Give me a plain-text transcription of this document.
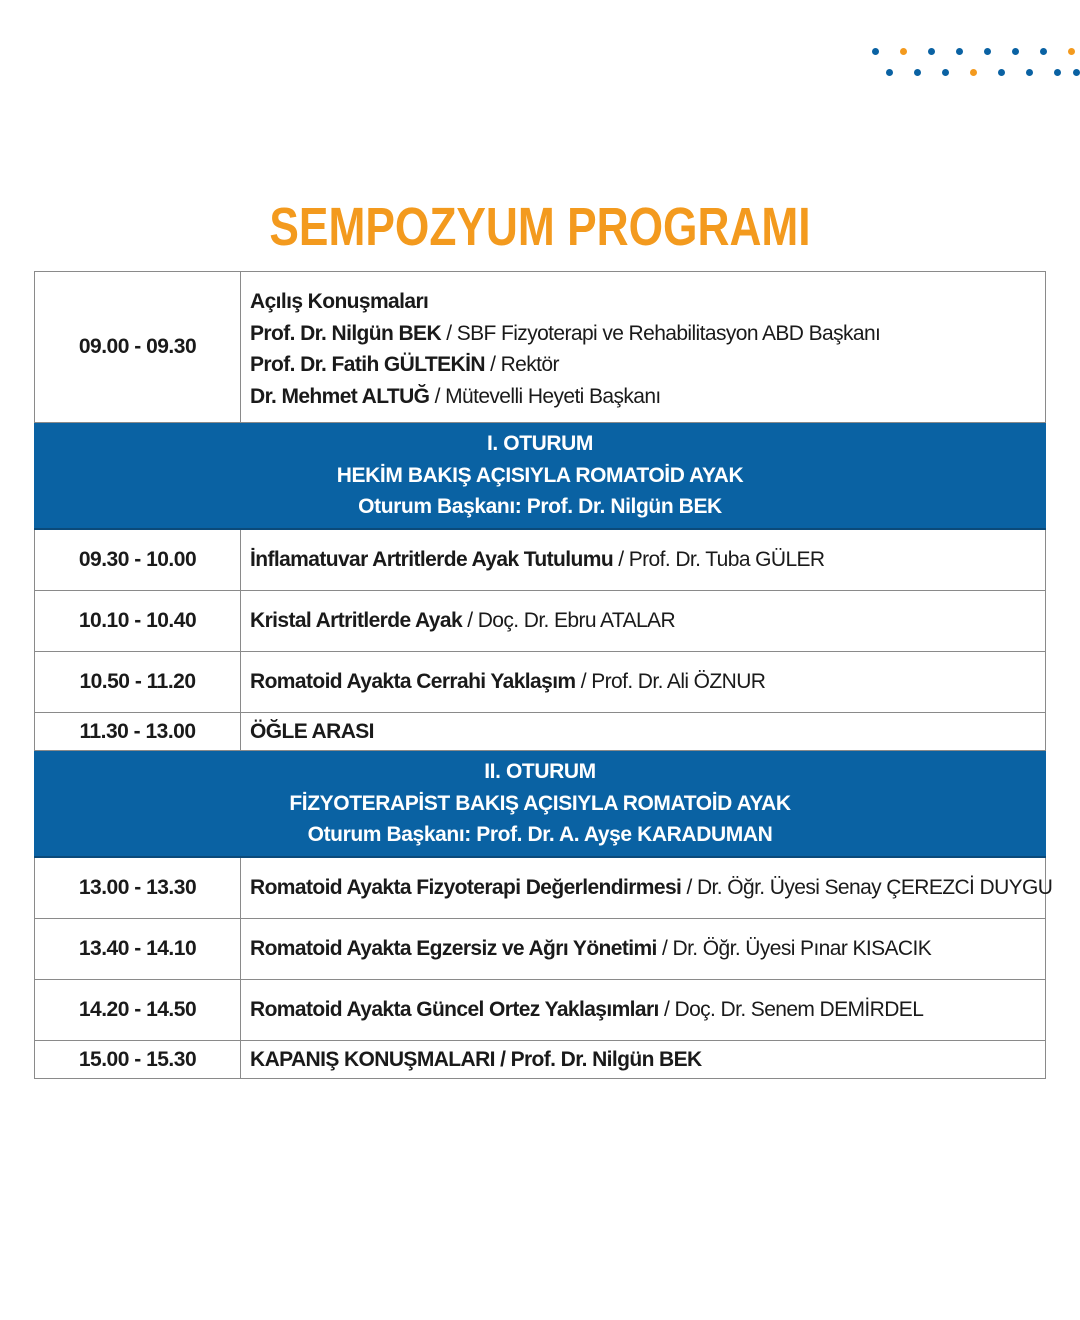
SEMPOZYUM PROGRAMI
09.00 - 09.30	Açılış Konuşmaları
Prof. Dr. Nilgün BEK / SBF Fizyoterapi ve Rehabilitasyon ABD Başkanı
Prof. Dr. Fatih GÜLTEKİN / Rektör
Dr. Mehmet ALTUĞ / Mütevelli Heyeti Başkanı

I. OTURUM
HEKİM BAKIŞ AÇISIYLA ROMATOİD AYAK
Oturum Başkanı: Prof. Dr. Nilgün BEK	

09.30 - 10.00	İnflamatuvar Artritlerde Ayak Tutulumu / Prof. Dr. Tuba GÜLER
10.10 - 10.40	Kristal Artritlerde Ayak / Doç. Dr. Ebru ATALAR
10.50 - 11.20	Romatoid Ayakta Cerrahi Yaklaşım / Prof. Dr. Ali ÖZNUR
11.30 - 13.00	ÖĞLE ARASI

II. OTURUM
FİZYOTERAPİST BAKIŞ AÇISIYLA ROMATOİD AYAK
Oturum Başkanı: Prof. Dr. A. Ayşe KARADUMAN	

13.00 - 13.30	Romatoid Ayakta Fizyoterapi Değerlendirmesi / Dr. Öğr. Üyesi Senay ÇEREZCİ DUYGU
13.40 - 14.10	Romatoid Ayakta Egzersiz ve Ağrı Yönetimi / Dr. Öğr. Üyesi Pınar KISACIK
14.20 - 14.50	Romatoid Ayakta Güncel Ortez Yaklaşımları / Doç. Dr. Senem DEMİRDEL
15.00 - 15.30	KAPANIŞ KONUŞMALARI / Prof. Dr. Nilgün BEK
